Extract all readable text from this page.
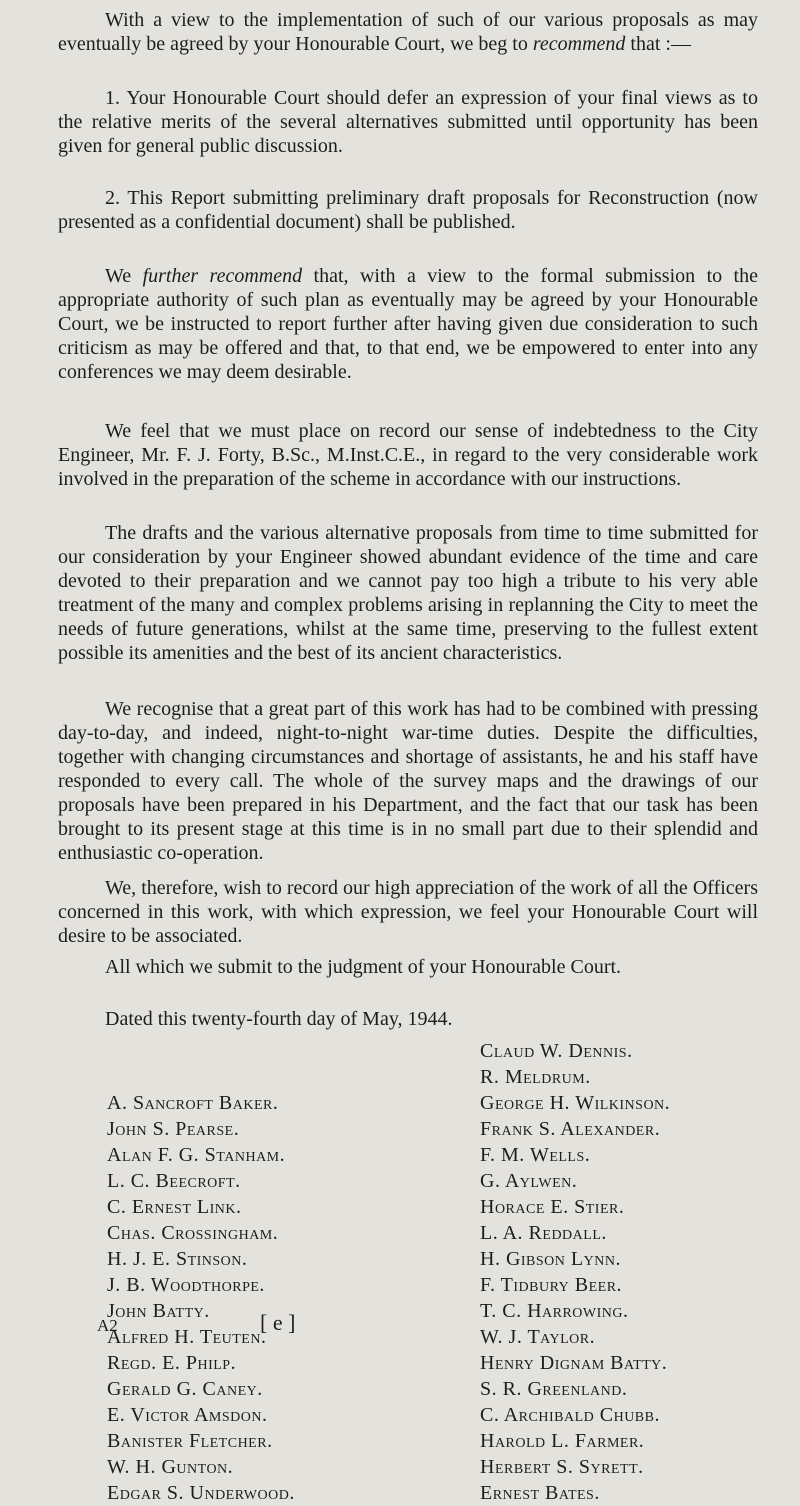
With a view to the implementation of such of our various proposals as may eventually be agreed by your Honourable Court, we beg to recommend that :—

1. Your Honourable Court should defer an expression of your final views as to the relative merits of the several alternatives submitted until opportunity has been given for general public discussion.

2. This Report submitting preliminary draft proposals for Reconstruction (now presented as a confidential document) shall be published.

We further recommend that, with a view to the formal submission to the appropriate authority of such plan as eventually may be agreed by your Honourable Court, we be instructed to report further after having given due consideration to such criticism as may be offered and that, to that end, we be empowered to enter into any conferences we may deem desirable.

We feel that we must place on record our sense of indebtedness to the City Engineer, Mr. F. J. Forty, B.Sc., M.Inst.C.E., in regard to the very considerable work involved in the preparation of the scheme in accordance with our instructions.

The drafts and the various alternative proposals from time to time submitted for our consideration by your Engineer showed abundant evidence of the time and care devoted to their preparation and we cannot pay too high a tribute to his very able treatment of the many and complex problems arising in replanning the City to meet the needs of future generations, whilst at the same time, preserving to the fullest extent possible its amenities and the best of its ancient characteristics.

We recognise that a great part of this work has had to be combined with pressing day-to-day, and indeed, night-to-night war-time duties. Despite the difficulties, together with changing circumstances and shortage of assistants, he and his staff have responded to every call. The whole of the survey maps and the drawings of our proposals have been prepared in his Department, and the fact that our task has been brought to its present stage at this time is in no small part due to their splendid and enthusiastic co-operation.

We, therefore, wish to record our high appreciation of the work of all the Officers concerned in this work, with which expression, we feel your Honourable Court will desire to be associated.

All which we submit to the judgment of your Honourable Court.

Dated this twenty-fourth day of May, 1944.

A. Sancroft Baker.
John S. Pearse.
Alan F. G. Stanham.
L. C. Beecroft.
C. Ernest Link.
Chas. Crossingham.
H. J. E. Stinson.
J. B. Woodthorpe.
John Batty.
Alfred H. Teuten.
Regd. E. Philp.
Gerald G. Caney.
E. Victor Amsdon.
Banister Fletcher.
W. H. Gunton.
Edgar S. Underwood.
Claud W. Dennis.
R. Meldrum.
George H. Wilkinson.
Frank S. Alexander.
F. M. Wells.
G. Aylwen.
Horace E. Stier.
L. A. Reddall.
H. Gibson Lynn.
F. Tidbury Beer.
T. C. Harrowing.
W. J. Taylor.
Henry Dignam Batty.
S. R. Greenland.
C. Archibald Chubb.
Harold L. Farmer.
Herbert S. Syrett.
Ernest Bates.
A2	[ e ]
